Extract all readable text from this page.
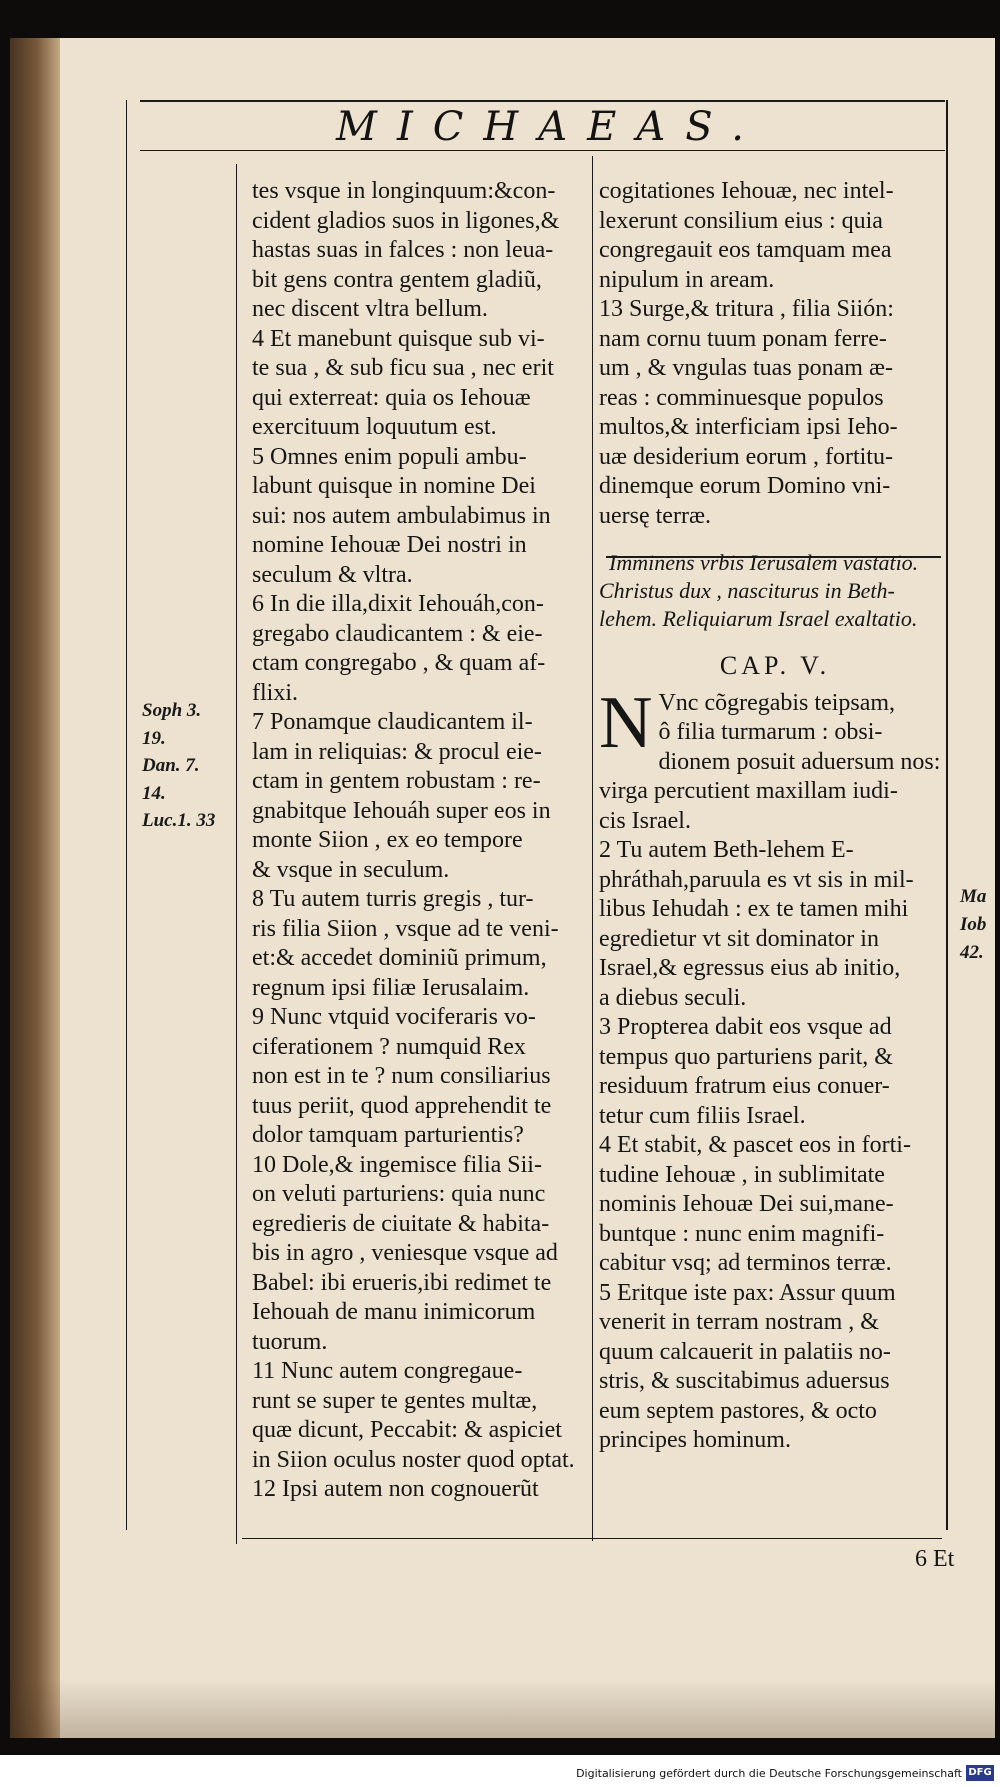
MICHAEAS.
Soph 3.
19.
Dan. 7.
14.
Luc.1. 33
Ma
Iob
42.

tes vsque in longinquum:&con-

cident gladios suos in ligones,&

hastas suas in falces : non leua-

bit gens contra gentem gladiũ,

nec discent vltra bellum.

4 Et manebunt quisque sub vi-

te sua , & sub ficu sua , nec erit

qui exterreat: quia os Iehouæ

exercituum loquutum est.

5 Omnes enim populi ambu-

labunt quisque in nomine Dei

sui: nos autem ambulabimus in

nomine Iehouæ Dei nostri in

seculum & vltra.

6 In die illa,dixit Iehouáh,con-

gregabo claudicantem : & eie-

ctam congregabo , & quam af-

flixi.

7 Ponamque claudicantem il-

lam in reliquias: & procul eie-

ctam in gentem robustam : re-

gnabitque Iehouáh super eos in

monte Siion , ex eo tempore

& vsque in seculum.

8 Tu autem turris gregis , tur-

ris filia Siion , vsque ad te veni-

et:& accedet dominiũ primum,

regnum ipsi filiæ Ierusalaim.

9 Nunc vtquid vociferaris vo-

ciferationem ? numquid Rex

non est in te ? num consiliarius

tuus periit, quod apprehendit te

dolor tamquam parturientis?

10 Dole,& ingemisce filia Sii-

on veluti parturiens: quia nunc

egredieris de ciuitate & habita-

bis in agro , veniesque vsque ad

Babel: ibi erueris,ibi redimet te

Iehouah de manu inimicorum

tuorum.

11 Nunc autem congregaue-

runt se super te gentes multæ,

quæ dicunt, Peccabit: & aspiciet

in Siion oculus noster quod optat.

12 Ipsi autem non cognouerũt

cogitationes Iehouæ, nec intel-

lexerunt consilium eius : quia

congregauit eos tamquam mea

nipulum in aream.

13 Surge,& tritura , filia Siión:

nam cornu tuum ponam ferre-

um , & vngulas tuas ponam æ-

reas : comminuesque populos

multos,& interficiam ipsi Ieho-

uæ desiderium eorum , fortitu-

dinemque eorum Domino vni-

uersę terræ.

Imminens vrbis Ierusalem vastatio. Christus dux , nasciturus in Beth-lehem. Reliquiarum Israel exaltatio.

CAP. V.

N Vnc cõgregabis teipsam,

ô filia turmarum : obsi-

dionem posuit aduersum nos:

virga percutient maxillam iudi-

cis Israel.

2 Tu autem Beth-lehem E-

phráthah,paruula es vt sis in mil-

libus Iehudah : ex te tamen mihi

egredietur vt sit dominator in

Israel,& egressus eius ab initio,

a diebus seculi.

3 Propterea dabit eos vsque ad

tempus quo parturiens parit, &

residuum fratrum eius conuer-

tetur cum filiis Israel.

4 Et stabit, & pascet eos in forti-

tudine Iehouæ , in sublimitate

nominis Iehouæ Dei sui,mane-

buntque : nunc enim magnifi-

cabitur vsq; ad terminos terræ.

5 Eritque iste pax: Assur quum

venerit in terram nostram , &

quum calcauerit in palatiis no-

stris, & suscitabimus aduersus

eum septem pastores, & octo

principes hominum.

6 Et
Digitalisierung gefördert durch die Deutsche Forschungsgemeinschaft DFG
